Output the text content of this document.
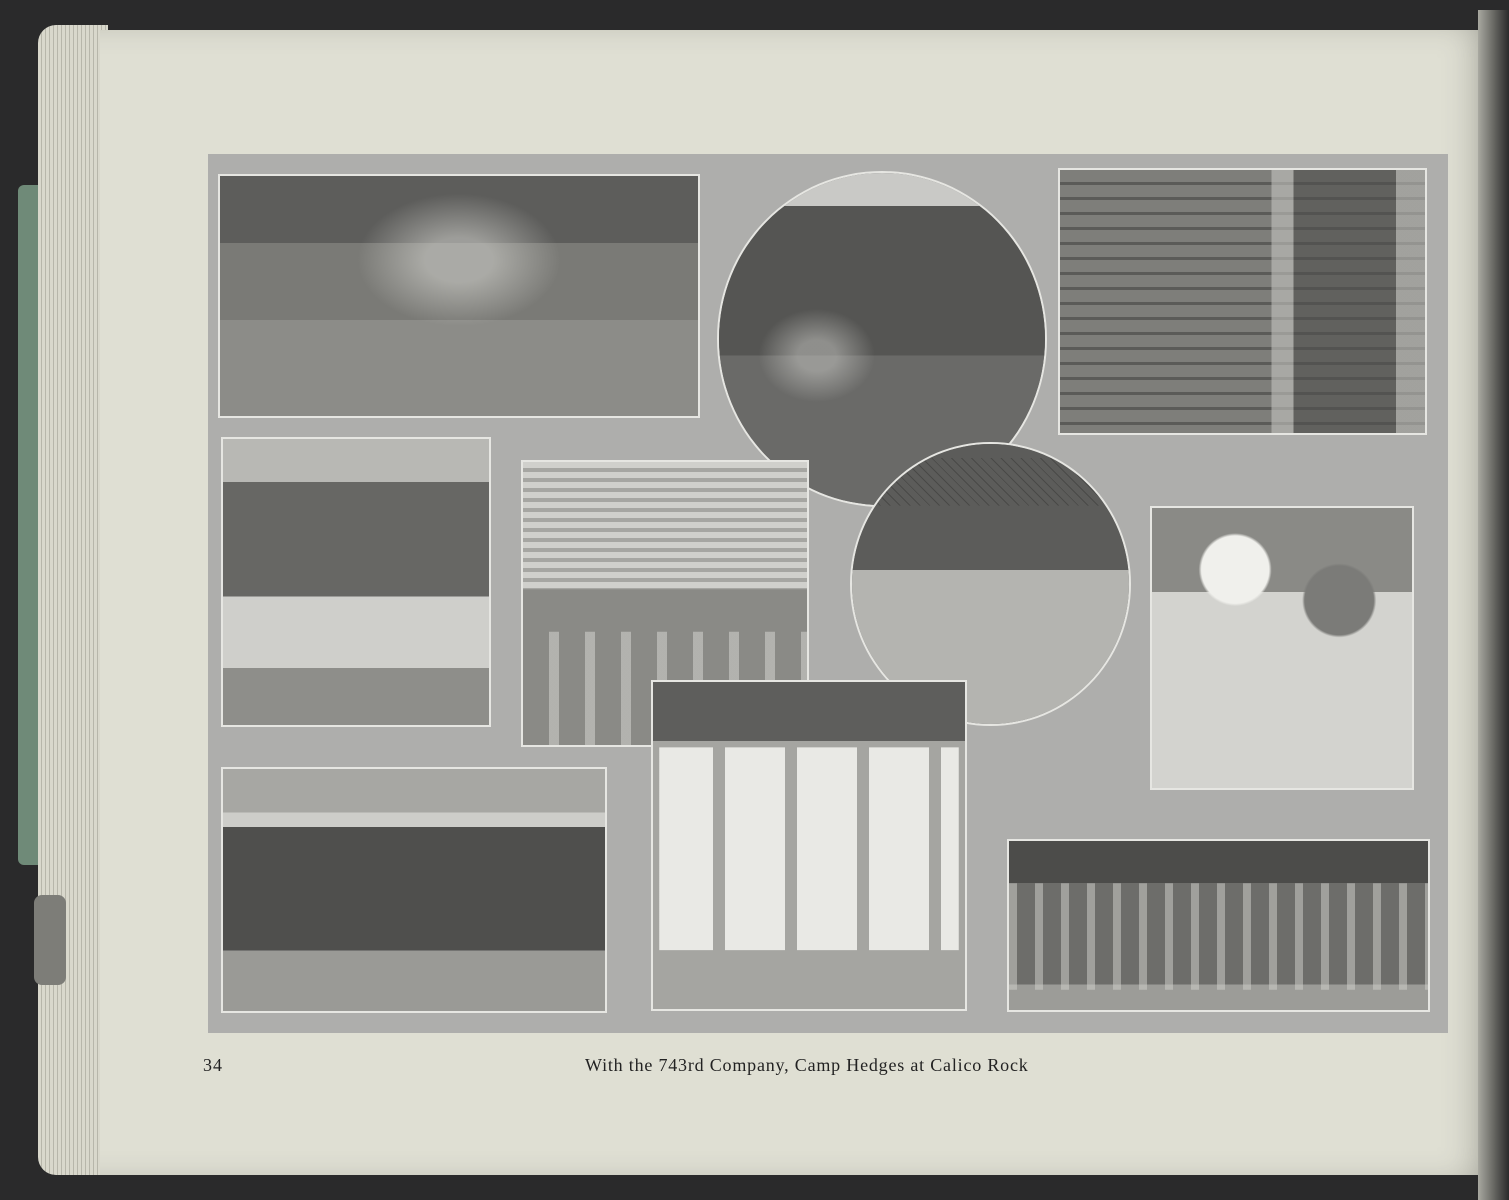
34	With the 743rd Company, Camp Hedges at Calico Rock
